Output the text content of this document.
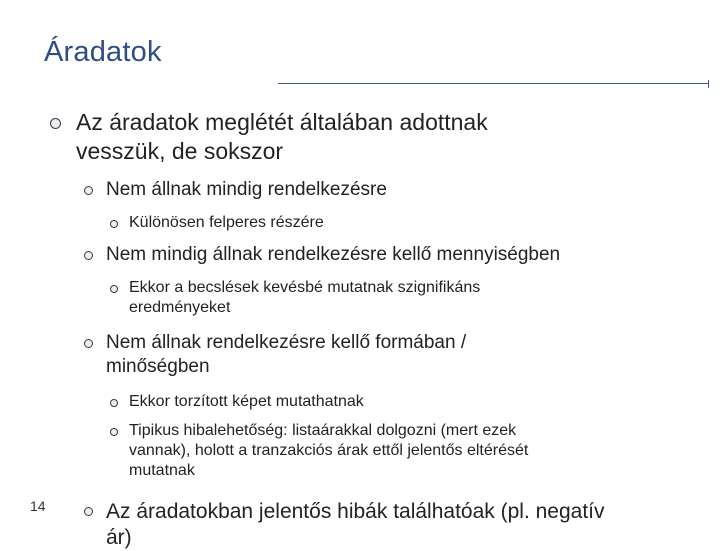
Áradatok
Az áradatok meglétét általában adottnak
vesszük, de sokszor
Nem állnak mindig rendelkezésre
Különösen felperes részére
Nem mindig állnak rendelkezésre kellő mennyiségben
Ekkor a becslések kevésbé mutatnak szignifikáns
eredményeket
Nem állnak rendelkezésre kellő formában /
minőségben
Ekkor torzított képet mutathatnak
Tipikus hibalehetőség: listaárakkal dolgozni (mert ezek
vannak), holott a tranzakciós árak ettől jelentős eltérését
mutatnak
Az áradatokban jelentős hibák találhatóak (pl. negatív
ár)
14
